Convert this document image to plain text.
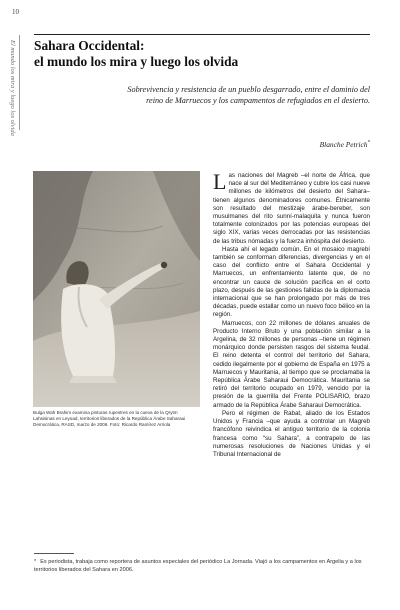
10
El mundo los mira y luego los olvida Sahara Occidental:
el mundo los mira y luego los olvida

Sobrevivencia y resistencia de un pueblo desgarrado, entre el dominio del reino de Marruecos y los campamentos de refugiados en el desierto.

Blanche Petrich*

Bulga Wah Brahim examina pinturas rupestres en la cueva de la Qrytm Lahsisinas en Leyoad, territorios liberados de la República Árabe Saharaui Democrática, RASD, marzo de 2006. Foto: Ricardo Ramírez Arriola

Las naciones del Magreb –el norte de África, que nace al sur del Mediterráneo y cubre los casi nueve millones de kilómetros del desierto del Sahara– tienen algunos denominadores comunes. Étnicamente son resultado del mestizaje árabe-bereber, son musulmanes del rito sunní-malaquita y nunca fueron totalmente colonizados por las potencias europeas del siglo XIX, varias veces derrocadas por las resistencias de las tribus nómadas y la fuerza inhóspita del desierto.

Hasta ahí el legado común. En el mosaico magrebí también se conforman diferencias, divergencias y en el caso del conflicto entre el Sahara Occidental y Marruecos, un enfrentamiento latente que, de no encontrar un cauce de solución pacífica en el corto plazo, después de las gestiones fallidas de la diplomacia internacional que se han prolongado por más de tres décadas, puede estallar como un nuevo foco bélico en la región.

Marruecos, con 22 millones de dólares anuales de Producto Interno Bruto y una población similar a la Argelina, de 32 millones de personas –tiene un régimen monárquico donde persisten rasgos del sistema feudal. El reino detenta el control del territorio del Sahara, cedido ilegalmente por el gobierno de España en 1975 a Marruecos y Mauritania, al tiempo que se proclamaba la República Árabe Saharaui Democrática. Mauritania se retiró del territorio ocupado en 1979, vencido por la presión de la guerrilla del Frente POLISARIO, brazo armado de la República Árabe Saharaui Democrática.

Pero el régimen de Rabat, aliado de los Estados Unidos y Francia –que ayuda a controlar un Magreb francófono reivindica el antiguo territorio de la colonia francesa como “su Sahara”, a contrapelo de las numerosas resoluciones de Naciones Unidas y el Tribunal Internacional de

* Es periodista, trabaja como reportera de asuntos especiales del periódico La Jornada. Viajó a los campamentos en Argelia y a los territorios liberados del Sahara en 2006.
